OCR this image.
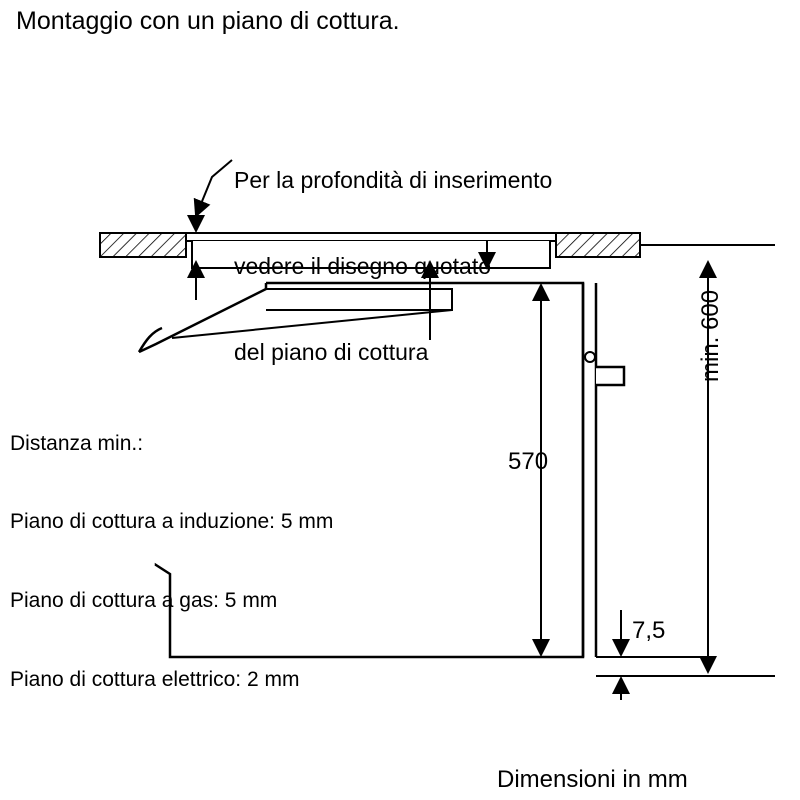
Montaggio con un piano di cottura.

Per la profondità di inserimento

vedere il disegno quotato

del piano di cottura

Distanza min.:

Piano di cottura a induzione: 5 mm

Piano di cottura a gas: 5 mm

Piano di cottura elettrico: 2 mm

570
7,5
min. 600
Dimensioni in mm
